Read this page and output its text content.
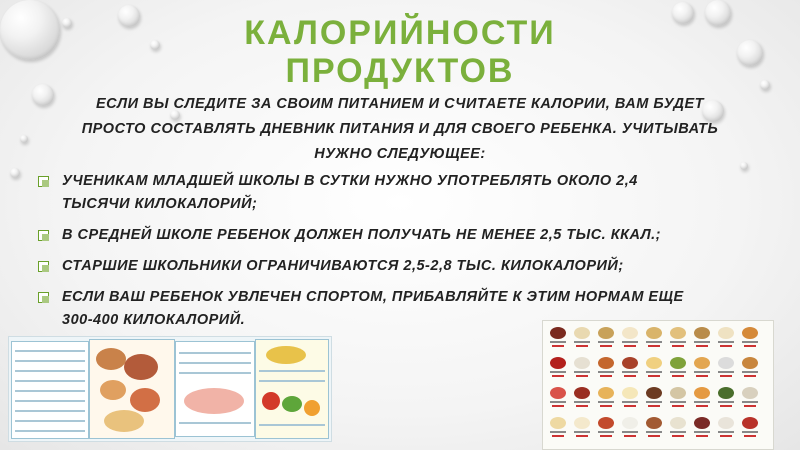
КАЛОРИЙНОСТИ
ПРОДУКТОВ
ЕСЛИ ВЫ СЛЕДИТЕ ЗА СВОИМ ПИТАНИЕМ И СЧИТАЕТЕ КАЛОРИИ, ВАМ БУДЕТ
ПРОСТО СОСТАВЛЯТЬ ДНЕВНИК ПИТАНИЯ И ДЛЯ СВОЕГО РЕБЕНКА. УЧИТЫВАТЬ
НУЖНО СЛЕДУЮЩЕЕ:
УЧЕНИКАМ МЛАДШЕЙ ШКОЛЫ В СУТКИ НУЖНО УПОТРЕБЛЯТЬ ОКОЛО 2,4
ТЫСЯЧИ КИЛОКАЛОРИЙ;
В СРЕДНЕЙ ШКОЛЕ РЕБЕНОК ДОЛЖЕН ПОЛУЧАТЬ НЕ МЕНЕЕ 2,5 ТЫС. ККАЛ.;
СТАРШИЕ ШКОЛЬНИКИ ОГРАНИЧИВАЮТСЯ 2,5-2,8 ТЫС. КИЛОКАЛОРИЙ;
ЕСЛИ ВАШ РЕБЕНОК УВЛЕЧЕН СПОРТОМ, ПРИБАВЛЯЙТЕ К ЭТИМ НОРМАМ ЕЩЕ
300-400 КИЛОКАЛОРИЙ.
